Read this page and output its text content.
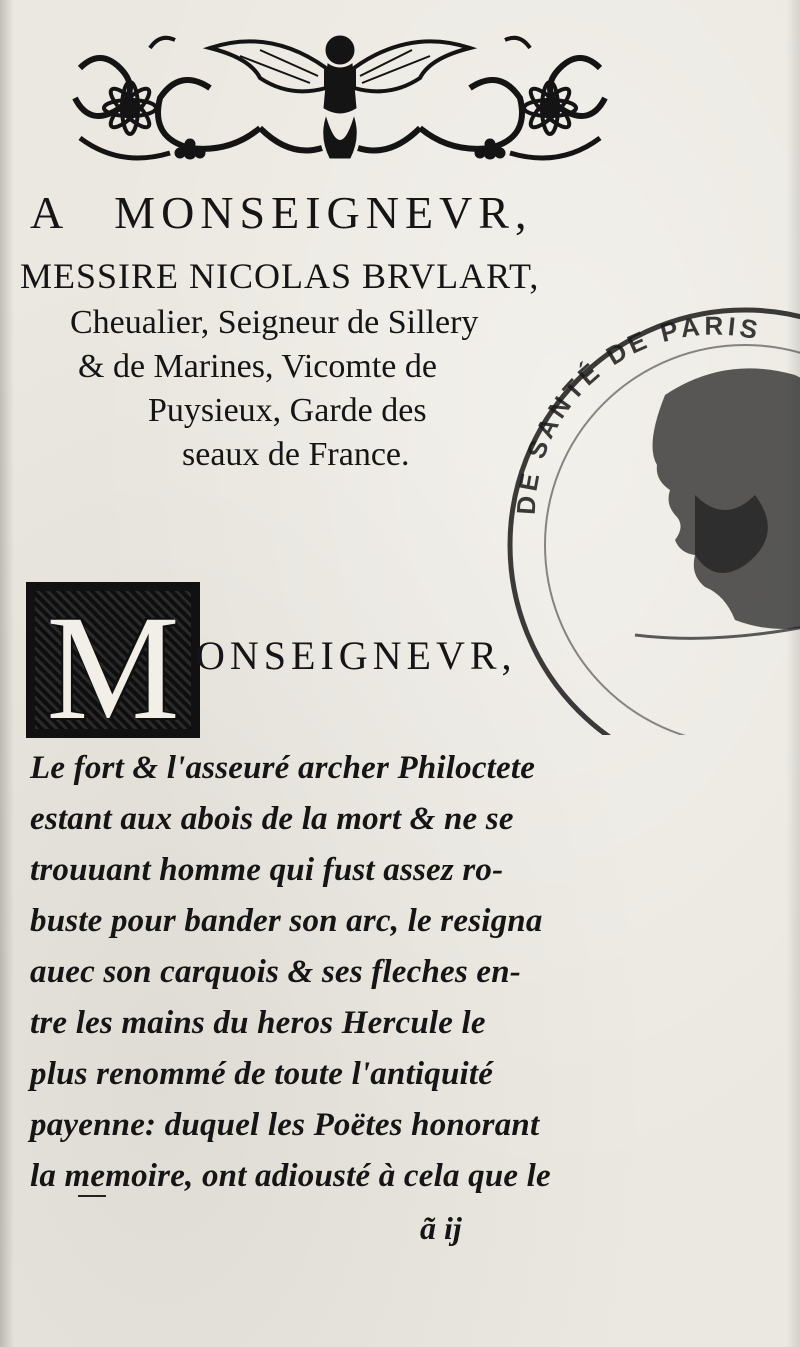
A MONSEIGNEVR,

MESSIRE NICOLAS BRVLART,

Cheualier, Seigneur de Sillery

& de Marines, Vicomte de

Puysieux, Garde des

seaux de France.

DE SANTÉ DE PARIS
M ONSEIGNEVR,

Le fort & l'asseuré archer Philoctete

estant aux abois de la mort & ne se

trouuant homme qui fust assez ro-

buste pour bander son arc, le resigna

auec son carquois & ses fleches en-

tre les mains du heros Hercule le

plus renommé de toute l'antiquité

payenne: duquel les Poëtes honorant

la memoire, ont adiousté à cela que le

ã ij
